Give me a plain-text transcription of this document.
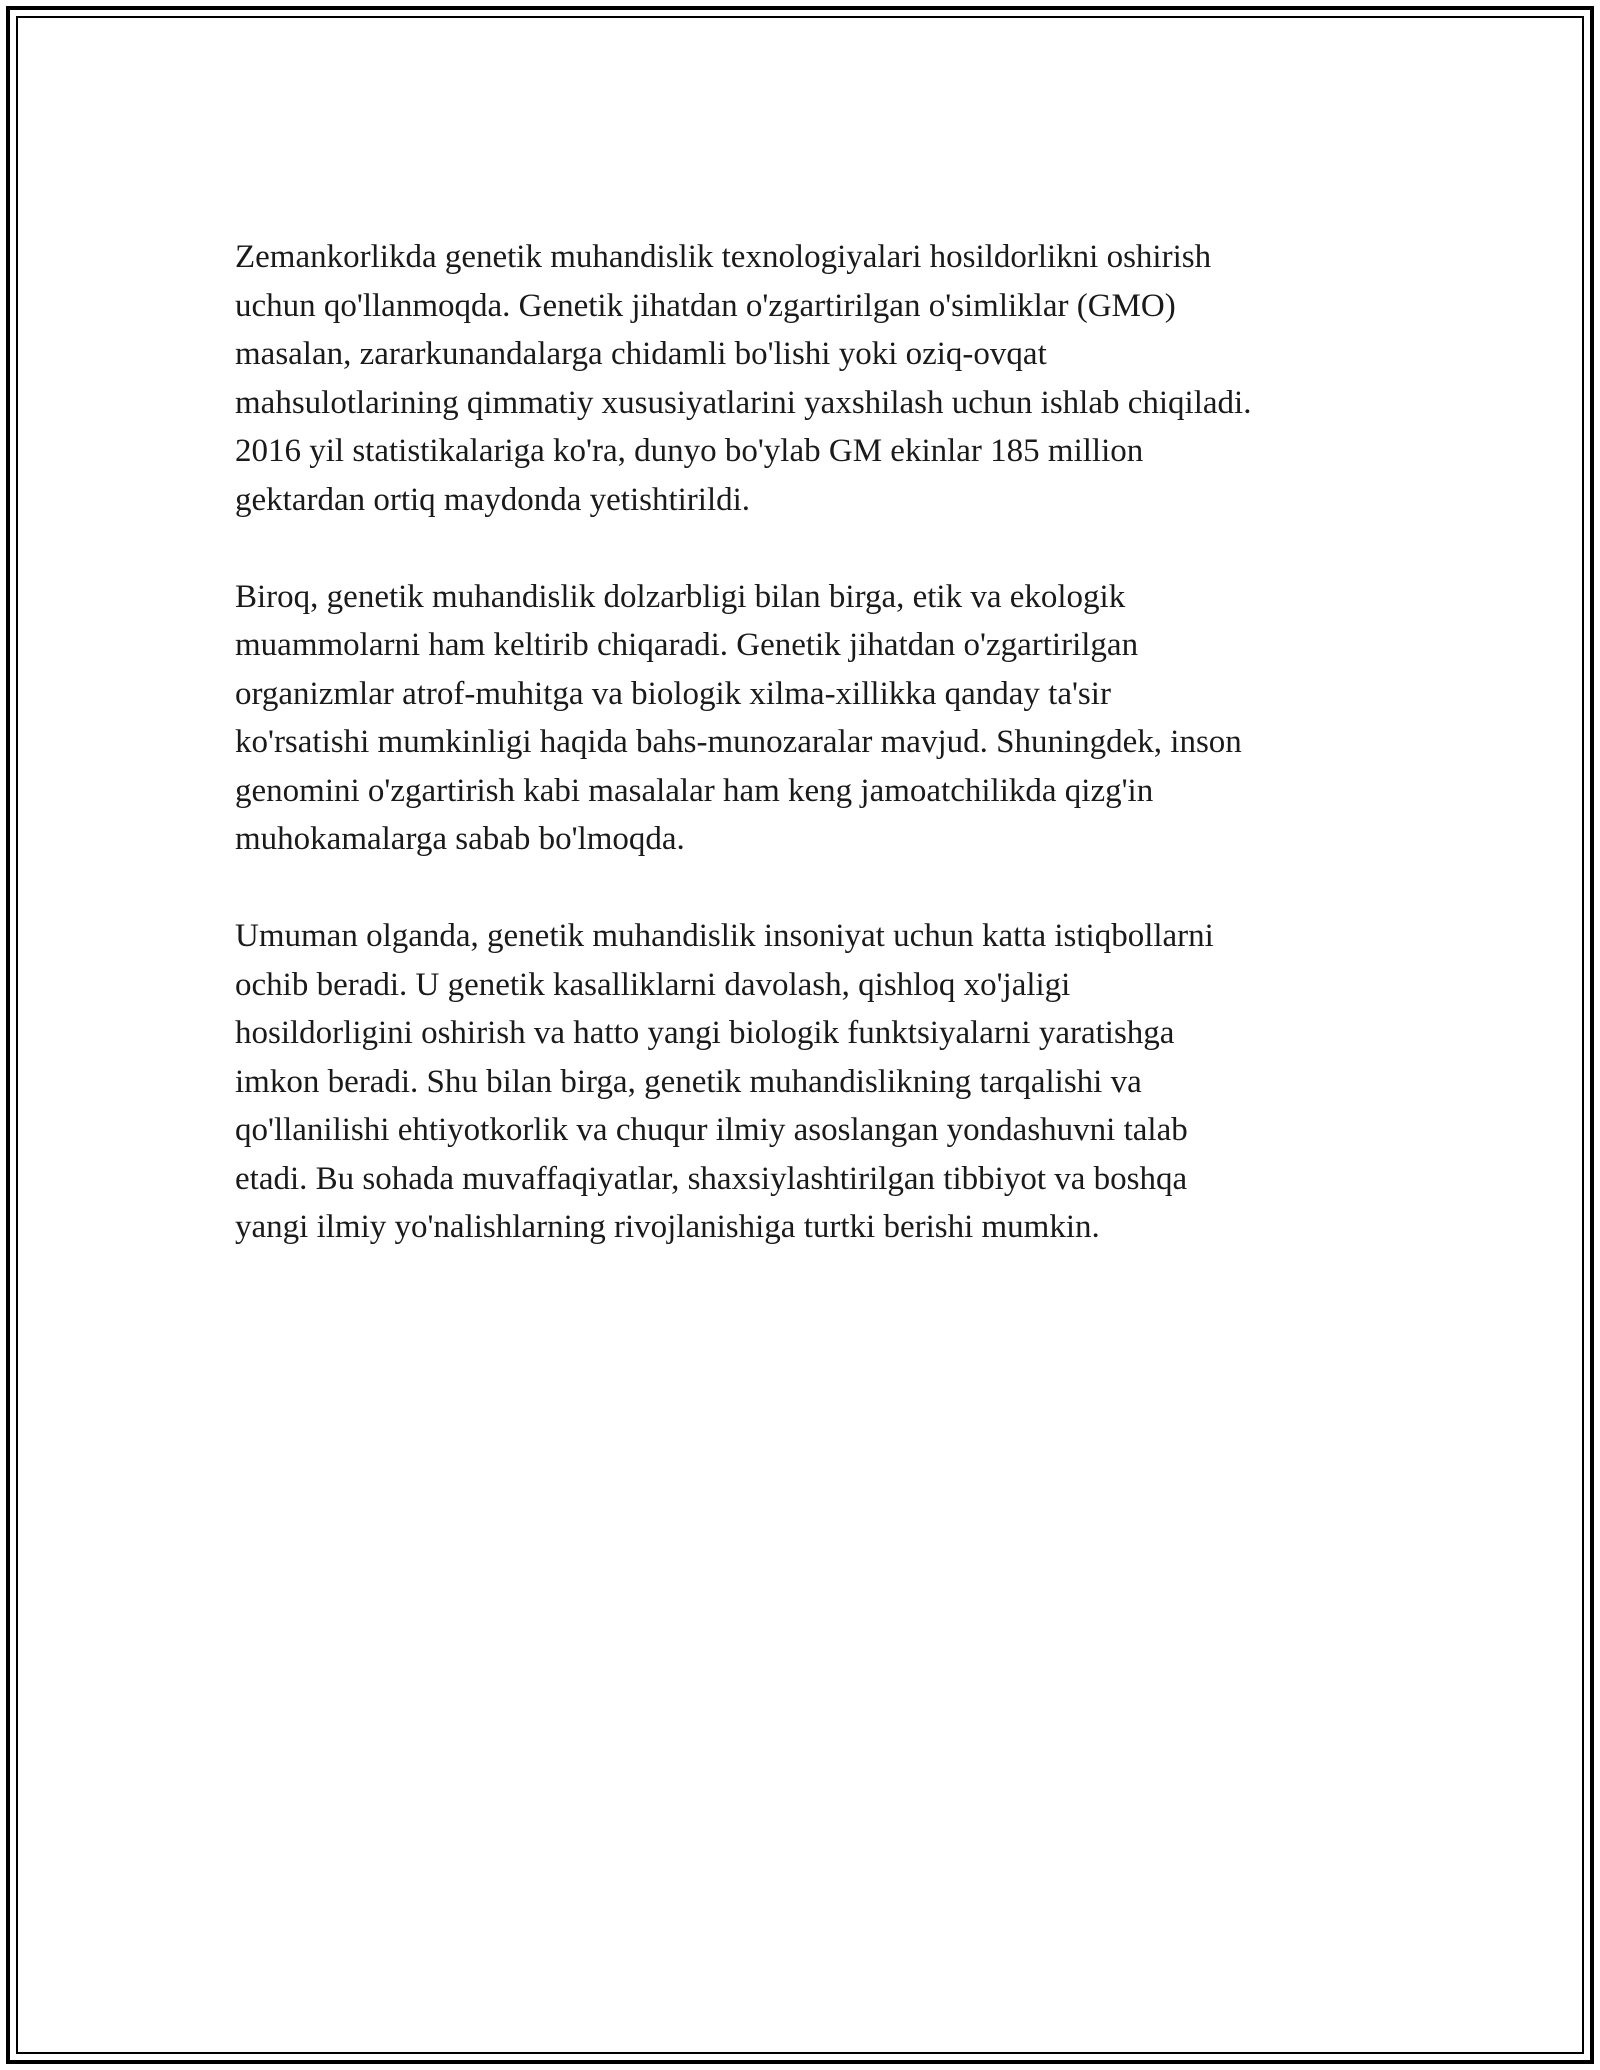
Zemankorlikda genetik muhandislik texnologiyalari hosildorlikni oshirish
uchun qo'llanmoqda. Genetik jihatdan o'zgartirilgan o'simliklar (GMO)
masalan, zararkunandalarga chidamli bo'lishi yoki oziq-ovqat
mahsulotlarining qimmatiy xususiyatlarini yaxshilash uchun ishlab chiqiladi.
2016 yil statistikalariga ko'ra, dunyo bo'ylab GM ekinlar 185 million
gektardan ortiq maydonda yetishtirildi.

Biroq, genetik muhandislik dolzarbligi bilan birga, etik va ekologik
muammolarni ham keltirib chiqaradi. Genetik jihatdan o'zgartirilgan
organizmlar atrof-muhitga va biologik xilma-xillikka qanday ta'sir
ko'rsatishi mumkinligi haqida bahs-munozaralar mavjud. Shuningdek, inson
genomini o'zgartirish kabi masalalar ham keng jamoatchilikda qizg'in
muhokamalarga sabab bo'lmoqda.

Umuman olganda, genetik muhandislik insoniyat uchun katta istiqbollarni
ochib beradi. U genetik kasalliklarni davolash, qishloq xo'jaligi
hosildorligini oshirish va hatto yangi biologik funktsiyalarni yaratishga
imkon beradi. Shu bilan birga, genetik muhandislikning tarqalishi va
qo'llanilishi ehtiyotkorlik va chuqur ilmiy asoslangan yondashuvni talab
etadi. Bu sohada muvaffaqiyatlar, shaxsiylashtirilgan tibbiyot va boshqa
yangi ilmiy yo'nalishlarning rivojlanishiga turtki berishi mumkin.
